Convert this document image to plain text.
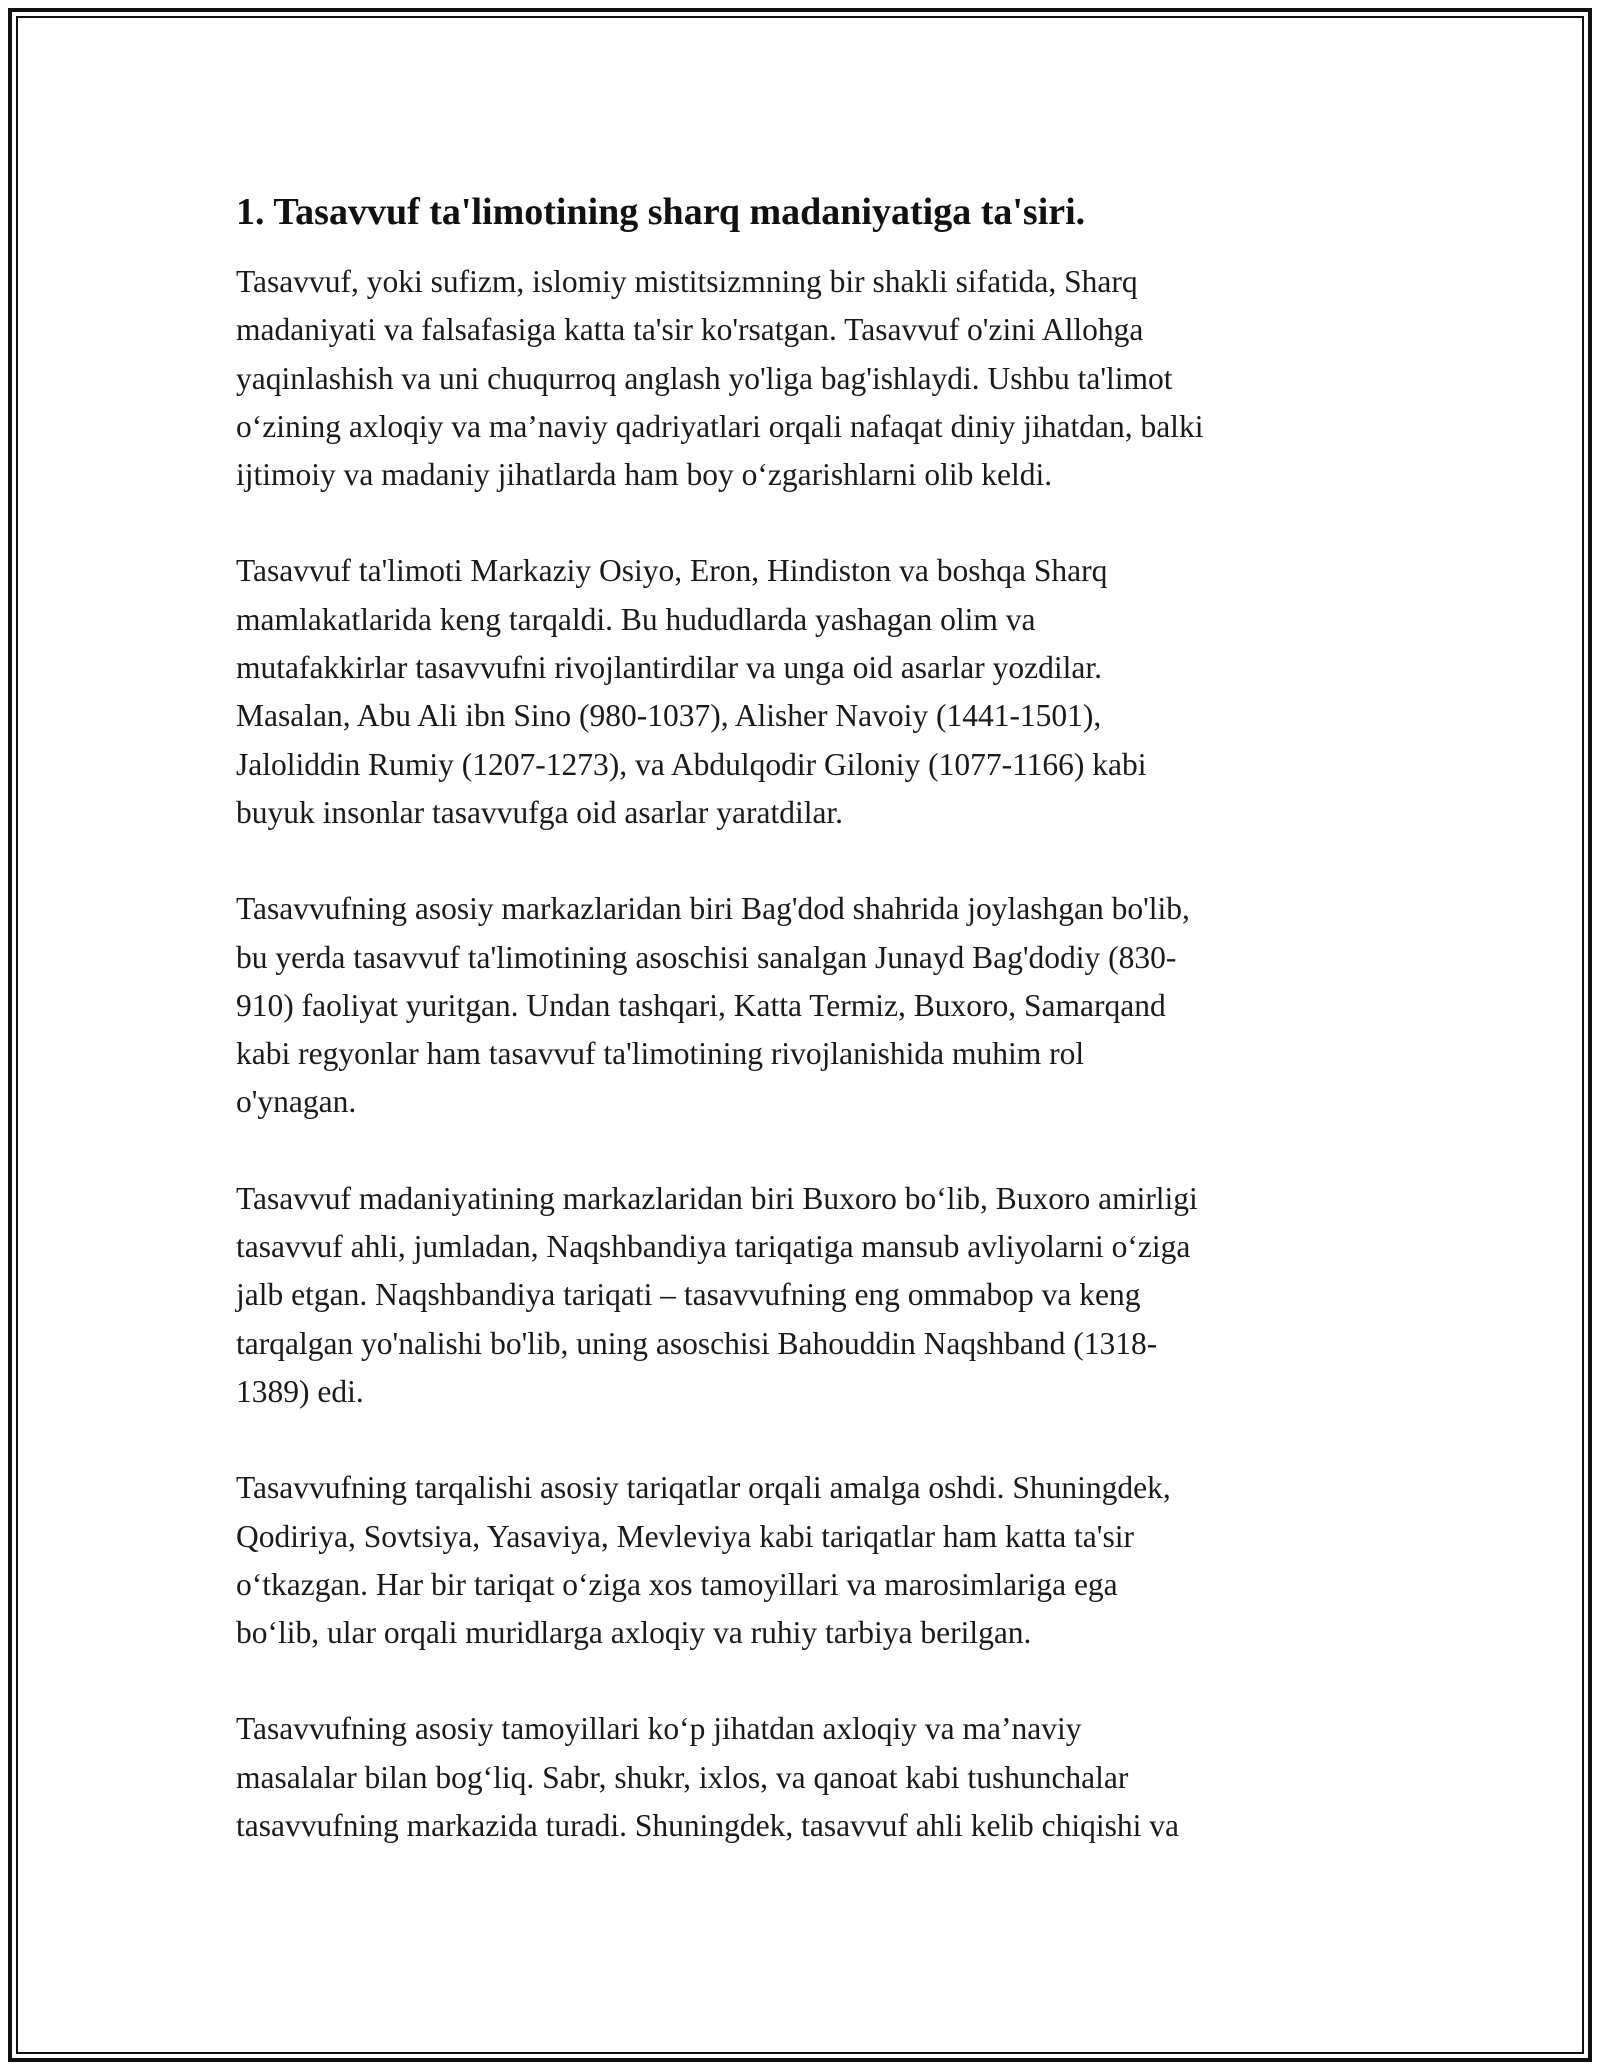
1. Tasavvuf ta'limotining sharq madaniyatiga ta'siri.
Tasavvuf, yoki sufizm, islomiy mistitsizmning bir shakli sifatida, Sharq
madaniyati va falsafasiga katta ta'sir ko'rsatgan. Tasavvuf o'zini Allohga
yaqinlashish va uni chuqurroq anglash yo'liga bag'ishlaydi. Ushbu ta'limot
o‘zining axloqiy va ma’naviy qadriyatlari orqali nafaqat diniy jihatdan, balki
ijtimoiy va madaniy jihatlarda ham boy o‘zgarishlarni olib keldi.
Tasavvuf ta'limoti Markaziy Osiyo, Eron, Hindiston va boshqa Sharq
mamlakatlarida keng tarqaldi. Bu hududlarda yashagan olim va
mutafakkirlar tasavvufni rivojlantirdilar va unga oid asarlar yozdilar.
Masalan, Abu Ali ibn Sino (980-1037), Alisher Navoiy (1441-1501),
Jaloliddin Rumiy (1207-1273), va Abdulqodir Giloniy (1077-1166) kabi
buyuk insonlar tasavvufga oid asarlar yaratdilar.
Tasavvufning asosiy markazlaridan biri Bag'dod shahrida joylashgan bo'lib,
bu yerda tasavvuf ta'limotining asoschisi sanalgan Junayd Bag'dodiy (830-
910) faoliyat yuritgan. Undan tashqari, Katta Termiz, Buxoro, Samarqand
kabi regyonlar ham tasavvuf ta'limotining rivojlanishida muhim rol
o'ynagan.
Tasavvuf madaniyatining markazlaridan biri Buxoro bo‘lib, Buxoro amirligi
tasavvuf ahli, jumladan, Naqshbandiya tariqatiga mansub avliyolarni o‘ziga
jalb etgan. Naqshbandiya tariqati – tasavvufning eng ommabop va keng
tarqalgan yo'nalishi bo'lib, uning asoschisi Bahouddin Naqshband (1318-
1389) edi.
Tasavvufning tarqalishi asosiy tariqatlar orqali amalga oshdi. Shuningdek,
Qodiriya, Sovtsiya, Yasaviya, Mevleviya kabi tariqatlar ham katta ta'sir
o‘tkazgan. Har bir tariqat o‘ziga xos tamoyillari va marosimlariga ega
bo‘lib, ular orqali muridlarga axloqiy va ruhiy tarbiya berilgan.
Tasavvufning asosiy tamoyillari ko‘p jihatdan axloqiy va ma’naviy
masalalar bilan bog‘liq. Sabr, shukr, ixlos, va qanoat kabi tushunchalar
tasavvufning markazida turadi. Shuningdek, tasavvuf ahli kelib chiqishi va
